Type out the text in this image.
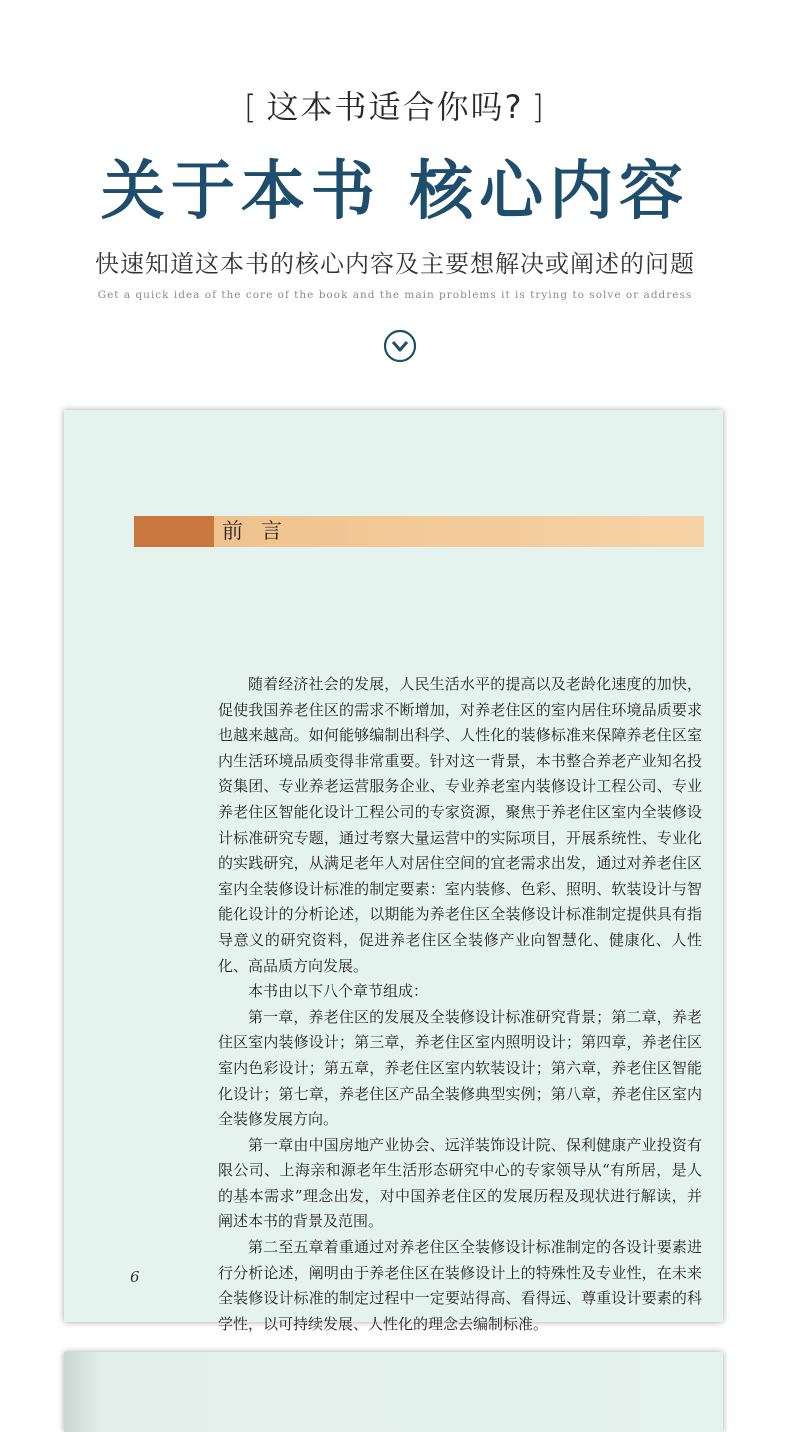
[ 这本书适合你吗? ]
关于本书 核心内容
快速知道这本书的核心内容及主要想解决或阐述的问题
Get a quick idea of the core of the book and the main problems it is trying to solve or address

前言

随着经济社会的发展，人民生活水平的提高以及老龄化速度的加快，促使我国养老住区的需求不断增加，对养老住区的室内居住环境品质要求也越来越高。如何能够编制出科学、人性化的装修标准来保障养老住区室内生活环境品质变得非常重要。针对这一背景，本书整合养老产业知名投资集团、专业养老运营服务企业、专业养老室内装修设计工程公司、专业养老住区智能化设计工程公司的专家资源，聚焦于养老住区室内全装修设计标准研究专题，通过考察大量运营中的实际项目，开展系统性、专业化的实践研究，从满足老年人对居住空间的宜老需求出发，通过对养老住区室内全装修设计标准的制定要素：室内装修、色彩、照明、软装设计与智能化设计的分析论述，以期能为养老住区全装修设计标准制定提供具有指导意义的研究资料，促进养老住区全装修产业向智慧化、健康化、人性化、高品质方向发展。

本书由以下八个章节组成：

第一章，养老住区的发展及全装修设计标准研究背景；第二章，养老住区室内装修设计；第三章，养老住区室内照明设计；第四章，养老住区室内色彩设计；第五章，养老住区室内软装设计；第六章，养老住区智能化设计；第七章，养老住区产品全装修典型实例；第八章，养老住区室内全装修发展方向。

第一章由中国房地产业协会、远洋装饰设计院、保利健康产业投资有限公司、上海亲和源老年生活形态研究中心的专家领导从“有所居，是人的基本需求”理念出发，对中国养老住区的发展历程及现状进行解读，并阐述本书的背景及范围。

第二至五章着重通过对养老住区全装修设计标准制定的各设计要素进行分析论述，阐明由于养老住区在装修设计上的特殊性及专业性，在未来全装修设计标准的制定过程中一定要站得高、看得远、尊重设计要素的科学性，以可持续发展、人性化的理念去编制标准。

6
